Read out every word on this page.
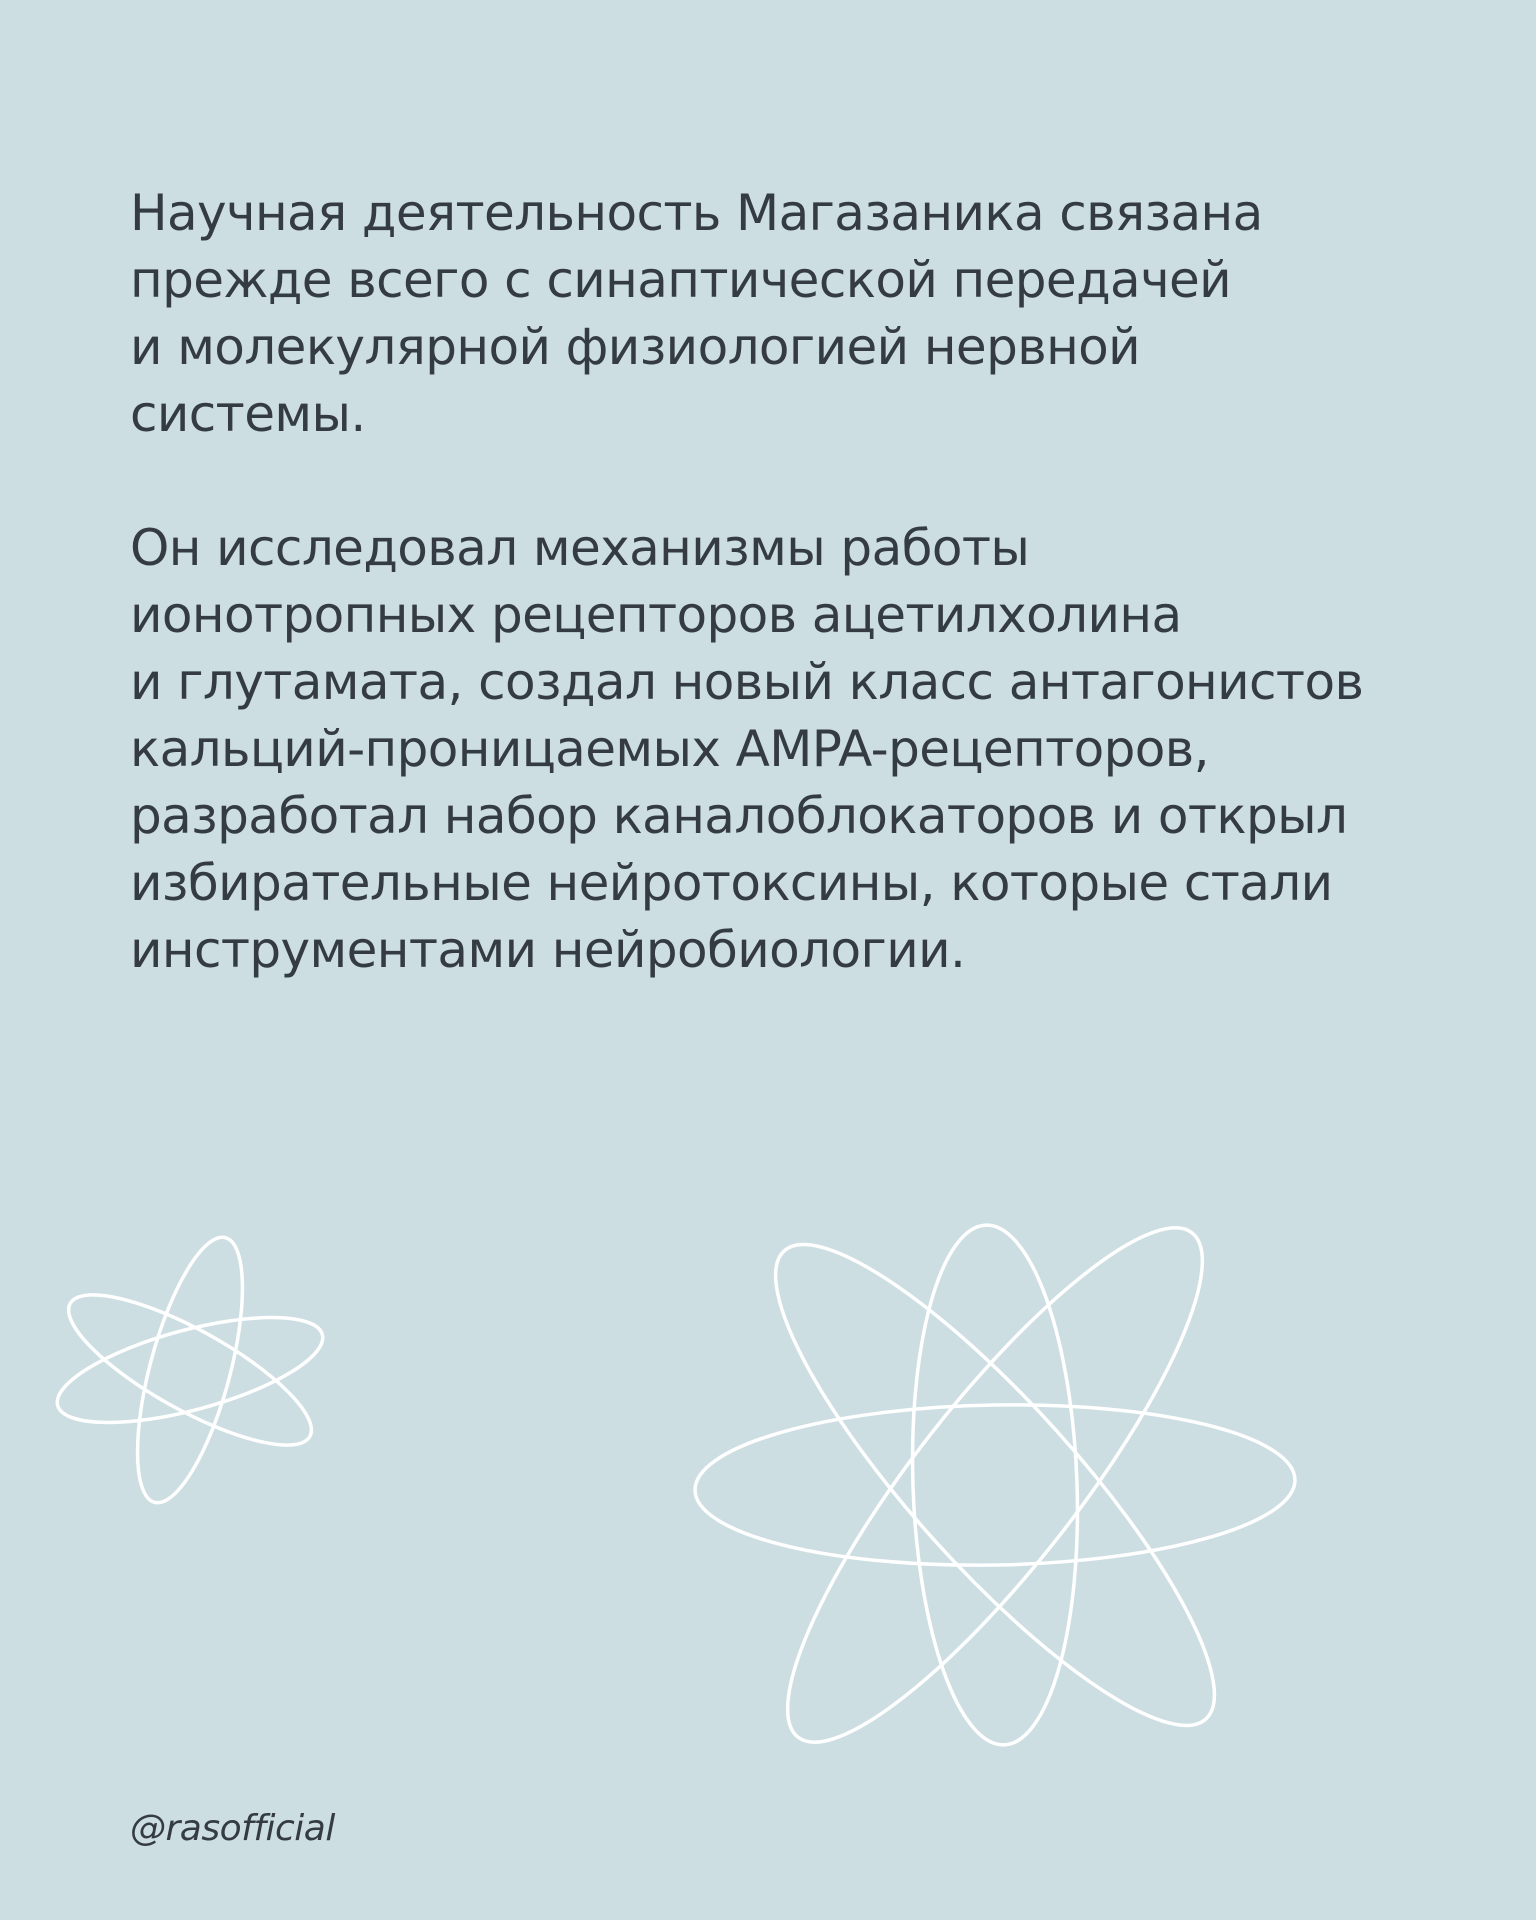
Научная деятельность Магазаника связана
прежде всего с синаптической передачей
и молекулярной физиологией нервной
системы.

Он исследовал механизмы работы
ионотропных рецепторов ацетилхолина
и глутамата, создал новый класс антагонистов
кальций-проницаемых AMPA-рецепторов,
разработал набор каналоблокаторов и открыл
избирательные нейротоксины, которые стали
инструментами нейробиологии.

@rasofficial
